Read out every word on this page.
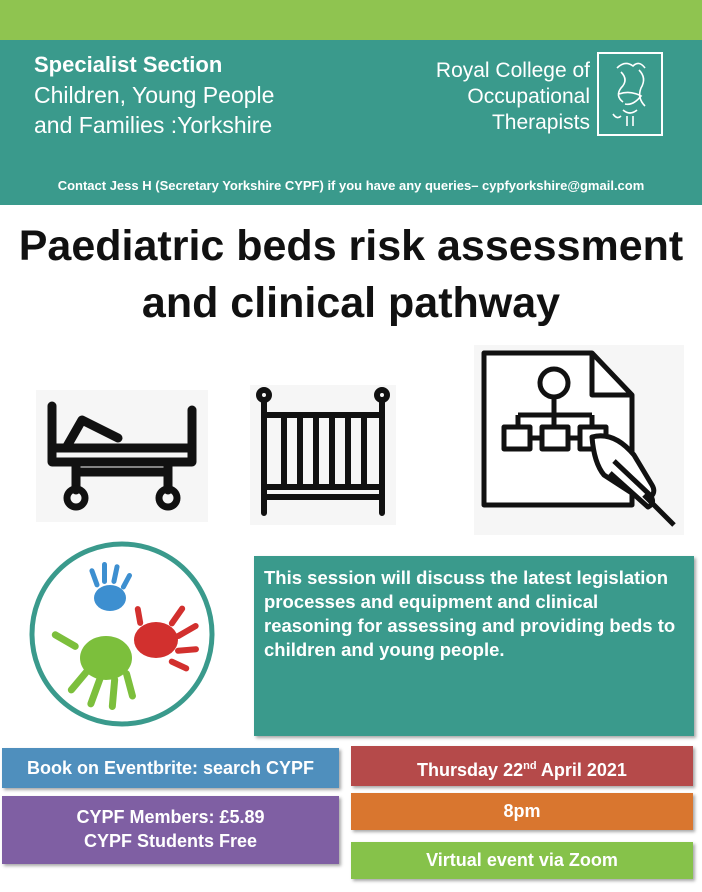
Specialist Section
Children, Young People
and Families :Yorkshire
Royal College of
Occupational
Therapists
Contact Jess H (Secretary Yorkshire CYPF) if you have any queries– cypfyorkshire@gmail.com
Paediatric beds risk assessment
and clinical pathway
This session will discuss the latest legislation processes and equipment and clinical reasoning for assessing and providing beds to children and young people.
Book on Eventbrite: search CYPF
CYPF Members: £5.89
CYPF Students Free
Thursday 22nd April 2021
8pm
Virtual event via Zoom
